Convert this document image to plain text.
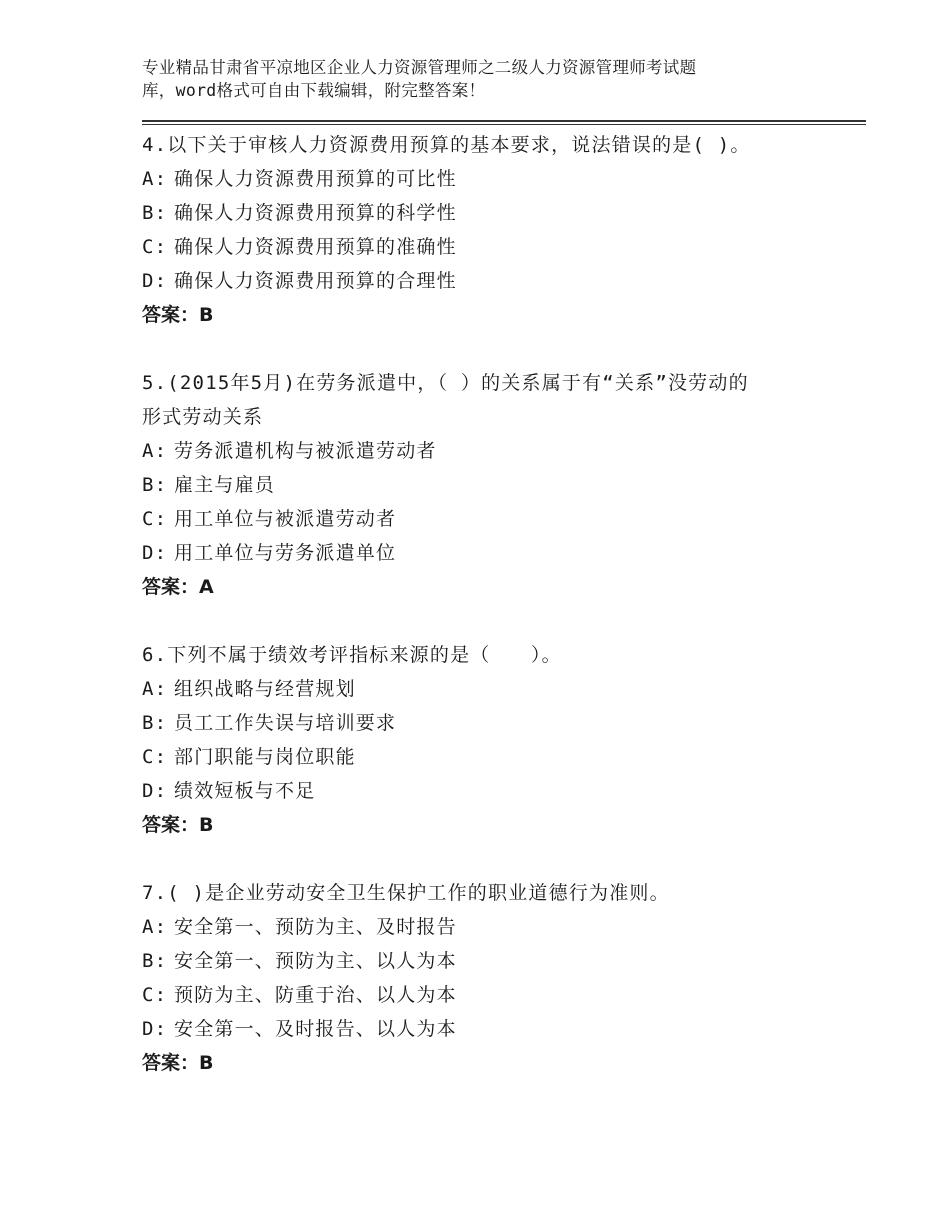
专业精品甘肃省平凉地区企业人力资源管理师之二级人力资源管理师考试题
库，word格式可自由下载编辑，附完整答案！
4.以下关于审核人力资源费用预算的基本要求，说法错误的是( )。
A: 确保人力资源费用预算的可比性
B: 确保人力资源费用预算的科学性
C: 确保人力资源费用预算的准确性
D: 确保人力资源费用预算的合理性
答案：B
5.(2015年5月)在劳务派遣中，（ ）的关系属于有“关系”没劳动的
形式劳动关系
A: 劳务派遣机构与被派遣劳动者
B: 雇主与雇员
C: 用工单位与被派遣劳动者
D: 用工单位与劳务派遣单位
答案：A
6.下列不属于绩效考评指标来源的是（　　）。
A: 组织战略与经营规划
B: 员工工作失误与培训要求
C: 部门职能与岗位职能
D: 绩效短板与不足
答案：B
7.( )是企业劳动安全卫生保护工作的职业道德行为准则。
A: 安全第一、预防为主、及时报告
B: 安全第一、预防为主、以人为本
C: 预防为主、防重于治、以人为本
D: 安全第一、及时报告、以人为本
答案：B
